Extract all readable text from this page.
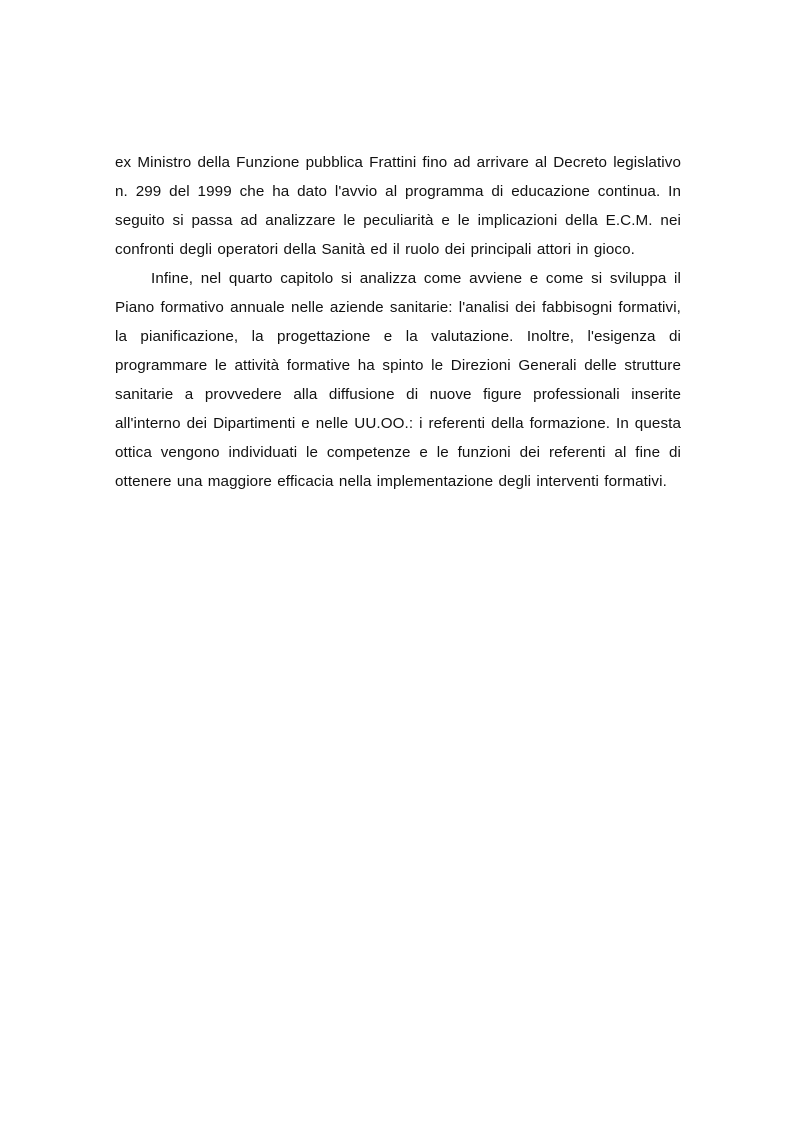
ex Ministro della Funzione pubblica Frattini fino ad arrivare al Decreto legislativo n. 299 del 1999 che ha dato l'avvio al programma di educazione continua. In seguito si passa ad analizzare le peculiarità e le implicazioni della E.C.M. nei confronti degli operatori della Sanità ed il ruolo dei principali attori in gioco.

Infine, nel quarto capitolo si analizza come avviene e come si sviluppa il Piano formativo annuale nelle aziende sanitarie: l'analisi dei fabbisogni formativi, la pianificazione, la progettazione e la valutazione. Inoltre, l'esigenza di programmare le attività formative ha spinto le Direzioni Generali delle strutture sanitarie a provvedere alla diffusione di nuove figure professionali inserite all'interno dei Dipartimenti e nelle UU.OO.: i referenti della formazione. In questa ottica vengono individuati le competenze e le funzioni dei referenti al fine di ottenere una maggiore efficacia nella implementazione degli interventi formativi.
